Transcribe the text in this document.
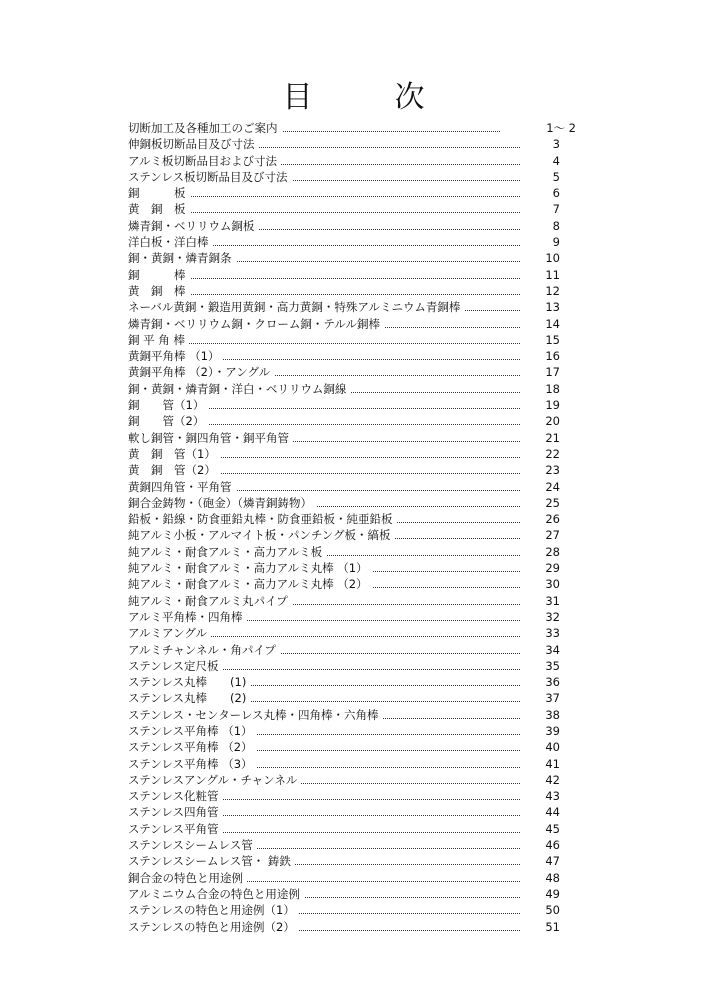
目次
切断加工及各種加工のご案内	1～ 2
伸銅板切断品目及び寸法	3
アルミ板切断品目および寸法	4
ステンレス板切断品目及び寸法	5
銅　　　板	6
黄　銅　板	7
燐青銅・ベリリウム銅板	8
洋白板・洋白棒	9
銅・黄銅・燐青銅条	10
銅　　　棒	11
黄　銅　棒	12
ネーバル黄銅・鍛造用黄銅・高力黄銅・特殊アルミニウム青銅棒	13
燐青銅・ベリリウム銅・クローム銅・テルル銅棒	14
銅 平 角 棒	15
黄銅平角棒 （1）	16
黄銅平角棒 （2）・アングル	17
銅・黄銅・燐青銅・洋白・ベリリウム銅線	18
銅　　管（1）	19
銅　　管（2）	20
軟し銅管・銅四角管・銅平角管	21
黄　銅　管（1）	22
黄　銅　管（2）	23
黄銅四角管・平角管	24
銅合金鋳物・（砲金）（燐青銅鋳物）	25
鉛板・鉛線・防食亜鉛丸棒・防食亜鉛板・純亜鉛板	26
純アルミ小板・アルマイト板・パンチング板・縞板	27
純アルミ・耐食アルミ・高力アルミ板	28
純アルミ・耐食アルミ・高力アルミ丸棒 （1）	29
純アルミ・耐食アルミ・高力アルミ丸棒 （2）	30
純アルミ・耐食アルミ丸パイプ	31
アルミ平角棒・四角棒	32
アルミアングル	33
アルミチャンネル・角パイプ	34
ステンレス定尺板	35
ステンレス丸棒　　(1)	36
ステンレス丸棒　　(2)	37
ステンレス・センターレス丸棒・四角棒・六角棒	38
ステンレス平角棒 （1）	39
ステンレス平角棒 （2）	40
ステンレス平角棒 （3）	41
ステンレスアングル・チャンネル	42
ステンレス化粧管	43
ステンレス四角管	44
ステンレス平角管	45
ステンレスシームレス管	46
ステンレスシームレス管・ 鋳鉄	47
銅合金の特色と用途例	48
アルミニウム合金の特色と用途例	49
ステンレスの特色と用途例（1）	50
ステンレスの特色と用途例（2）	51
